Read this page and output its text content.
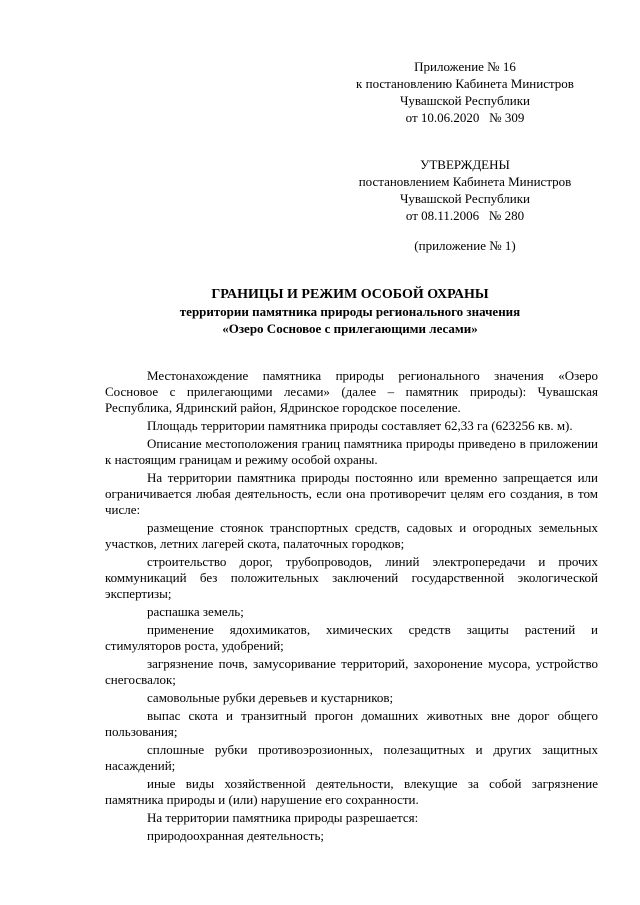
Приложение № 16
к постановлению Кабинета Министров
Чувашской Республики
от 10.06.2020   № 309
УТВЕРЖДЕНЫ
постановлением Кабинета Министров
Чувашской Республики
от 08.11.2006   № 280
(приложение № 1)
ГРАНИЦЫ И РЕЖИМ ОСОБОЙ ОХРАНЫ
территории памятника природы регионального значения
«Озеро Сосновое с прилегающими лесами»

Местонахождение памятника природы регионального значения «Озеро Сосновое с прилегающими лесами» (далее – памятник природы): Чувашская Республика, Ядринский район, Ядринское городское поселение.

Площадь территории памятника природы составляет 62,33 га (623256 кв. м).

Описание местоположения границ памятника природы приведено в приложении к настоящим границам и режиму особой охраны.

На территории памятника природы постоянно или временно запрещается или ограничивается любая деятельность, если она противоречит целям его создания, в том числе:

размещение стоянок транспортных средств, садовых и огородных земельных участков, летних лагерей скота, палаточных городков;

строительство дорог, трубопроводов, линий электропередачи и прочих коммуникаций без положительных заключений государственной экологической экспертизы;

распашка земель;

применение ядохимикатов, химических средств защиты растений и стимуляторов роста, удобрений;

загрязнение почв, замусоривание территорий, захоронение мусора, устройство снегосвалок;

самовольные рубки деревьев и кустарников;

выпас скота и транзитный прогон домашних животных вне дорог общего пользования;

сплошные рубки противоэрозионных, полезащитных и других защитных насаждений;

иные виды хозяйственной деятельности, влекущие за собой загрязнение памятника природы и (или) нарушение его сохранности.

На территории памятника природы разрешается:

природоохранная деятельность;
